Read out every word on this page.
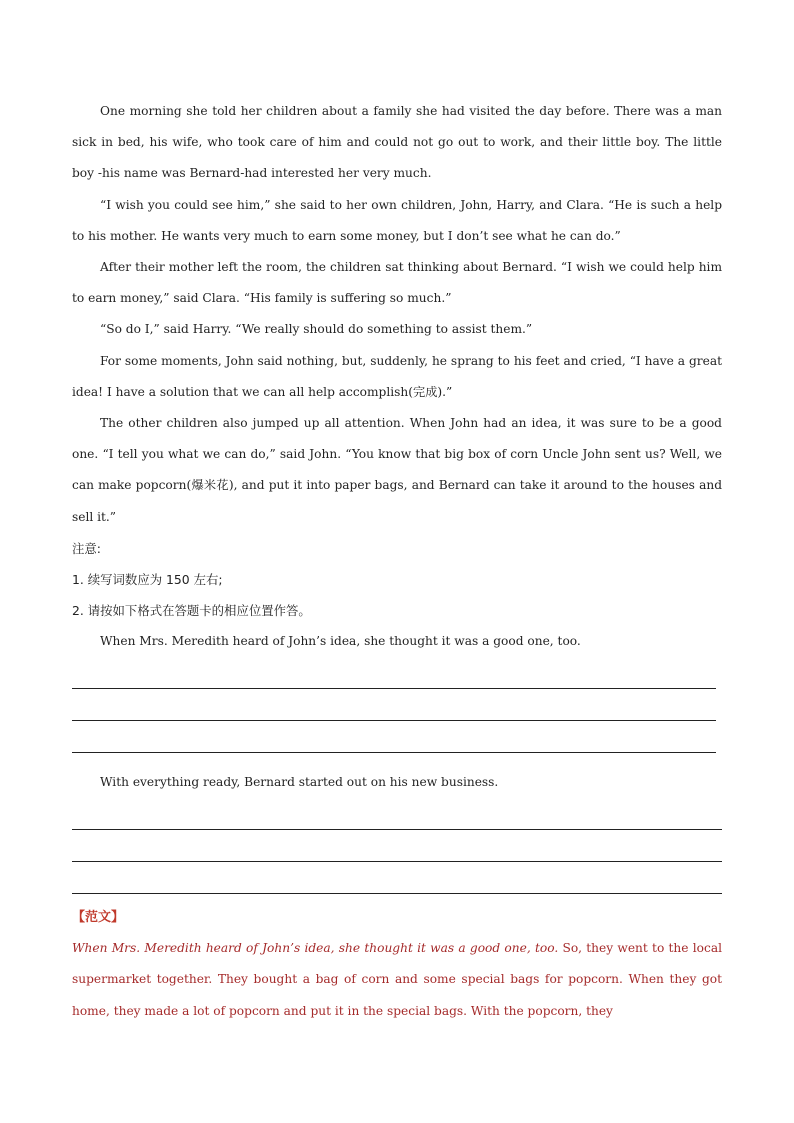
One morning she told her children about a family she had visited the day before. There was a man sick in bed, his wife, who took care of him and could not go out to work, and their little boy. The little boy -his name was Bernard-had interested her very much.

“I wish you could see him,” she said to her own children, John, Harry, and Clara. “He is such a help to his mother. He wants very much to earn some money, but I don’t see what he can do.”

After their mother left the room, the children sat thinking about Bernard. “I wish we could help him to earn money,” said Clara. “His family is suffering so much.”

“So do I,” said Harry. “We really should do something to assist them.”

For some moments, John said nothing, but, suddenly, he sprang to his feet and cried, “I have a great idea! I have a solution that we can all help accomplish(完成).”

The other children also jumped up all attention. When John had an idea, it was sure to be a good one. “I tell you what we can do,” said John. “You know that big box of corn Uncle John sent us? Well, we can make popcorn(爆米花), and put it into paper bags, and Bernard can take it around to the houses and sell it.”

注意:
1. 续写词数应为 150 左右;
2. 请按如下格式在答题卡的相应位置作答。

When Mrs. Meredith heard of John’s idea, she thought it was a good one, too.

With everything ready, Bernard started out on his new business.

【范文】

When Mrs. Meredith heard of John’s idea, she thought it was a good one, too. So, they went to the local supermarket together. They bought a bag of corn and some special bags for popcorn. When they got home, they made a lot of popcorn and put it in the special bags. With the popcorn, they
